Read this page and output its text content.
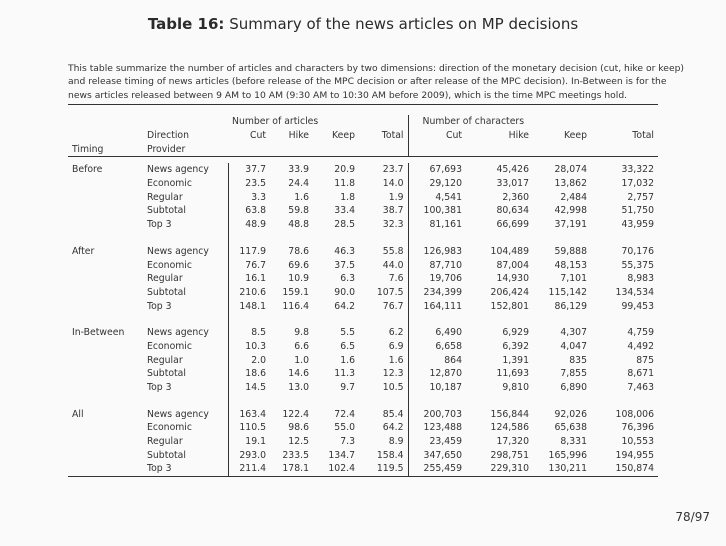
Table 16: Summary of the news articles on MP decisions
This table summarize the number of articles and characters by two dimensions: direction of the monetary decision (cut, hike or keep) and release timing of news articles (before release of the MPC decision or after release of the MPC decision). In-Between is for the news articles released between 9 AM to 10 AM (9:30 AM to 10:30 AM before 2009), which is the time MPC meetings hold.

		Number of articles				Number of characters			
	Direction	Cut	Hike	Keep	Total	Cut	Hike	Keep	Total
Timing	Provider								

Before	News agency	37.7	33.9	20.9	23.7	67,693	45,426	28,074	33,322
	Economic	23.5	24.4	11.8	14.0	29,120	33,017	13,862	17,032
	Regular	3.3	1.6	1.8	1.9	4,541	2,360	2,484	2,757
	Subtotal	63.8	59.8	33.4	38.7	100,381	80,634	42,998	51,750
	Top 3	48.9	48.8	28.5	32.3	81,161	66,699	37,191	43,959

After	News agency	117.9	78.6	46.3	55.8	126,983	104,489	59,888	70,176
	Economic	76.7	69.6	37.5	44.0	87,710	87,004	48,153	55,375
	Regular	16.1	10.9	6.3	7.6	19,706	14,930	7,101	8,983
	Subtotal	210.6	159.1	90.0	107.5	234,399	206,424	115,142	134,534
	Top 3	148.1	116.4	64.2	76.7	164,111	152,801	86,129	99,453

In-Between	News agency	8.5	9.8	5.5	6.2	6,490	6,929	4,307	4,759
	Economic	10.3	6.6	6.5	6.9	6,658	6,392	4,047	4,492
	Regular	2.0	1.0	1.6	1.6	864	1,391	835	875
	Subtotal	18.6	14.6	11.3	12.3	12,870	11,693	7,855	8,671
	Top 3	14.5	13.0	9.7	10.5	10,187	9,810	6,890	7,463

All	News agency	163.4	122.4	72.4	85.4	200,703	156,844	92,026	108,006
	Economic	110.5	98.6	55.0	64.2	123,488	124,586	65,638	76,396
	Regular	19.1	12.5	7.3	8.9	23,459	17,320	8,331	10,553
	Subtotal	293.0	233.5	134.7	158.4	347,650	298,751	165,996	194,955
	Top 3	211.4	178.1	102.4	119.5	255,459	229,310	130,211	150,874

78/97
